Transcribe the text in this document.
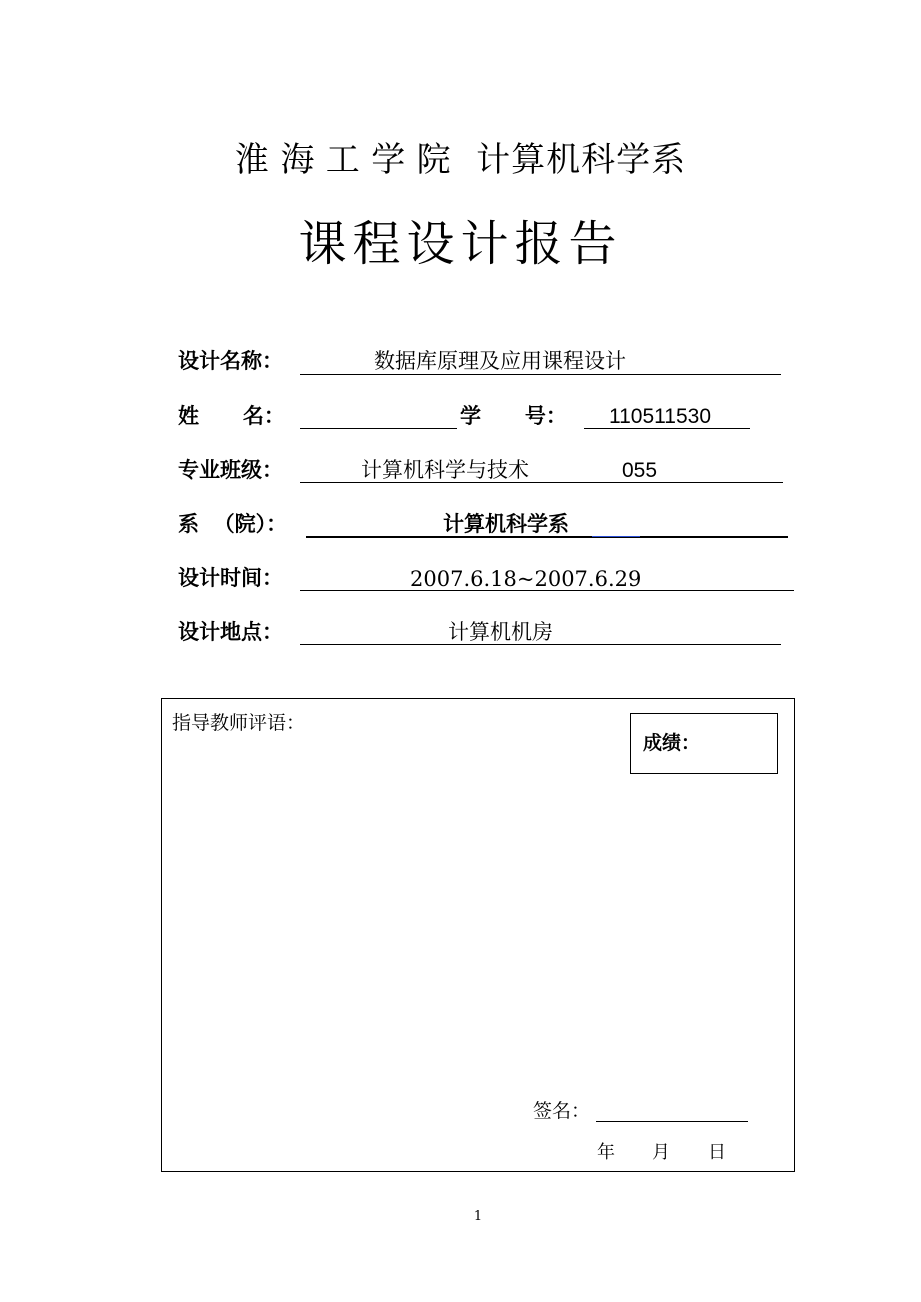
淮 海 工 学 院 计算机科学系
课程设计报告
设计名称：	数据库原理及应用课程设计
姓      名：	学      号： 110511530
专业班级：	计算机科学与技术	055
系  （院）：	计算机科学系
设计时间：	2007.6.18~2007.6.29
设计地点：	计算机机房
指导教师评语：
成绩：
签名：
年 月 日
1
